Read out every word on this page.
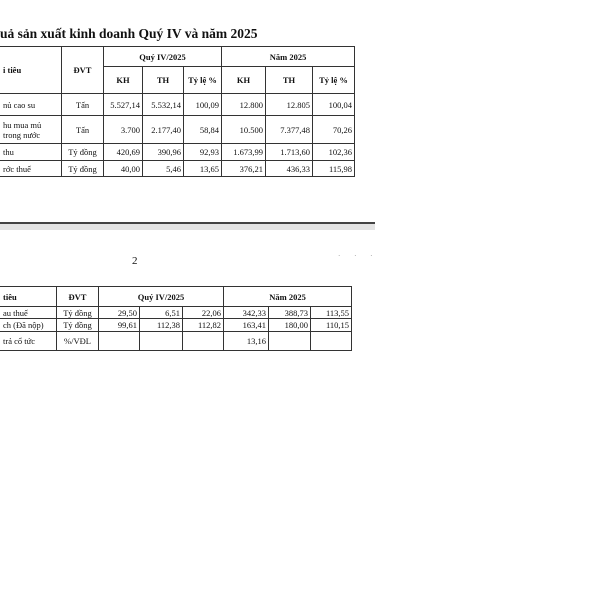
uả sản xuất kinh doanh Quý IV và năm 2025
i tiêu	ĐVT	Quý IV/2025			Năm 2025		
		KH	TH	Tỷ lệ %	KH	TH	Tỷ lệ %
nủ cao su	Tấn	5.527,14	5.532,14	100,09	12.800	12.805	100,04
hu mua mủ trong nước	Tấn	3.700	2.177,40	58,84	10.500	7.377,48	70,26
thu	Tỷ đồng	420,69	390,96	92,93	1.673,99	1.713,60	102,36
rớc thuế	Tỷ đồng	40,00	5,46	13,65	376,21	436,33	115,98
2	· · ·
tiêu	ĐVT	Quý IV/2025			Năm 2025		
au thuế	Tỷ đồng	29,50	6,51	22,06	342,33	388,73	113,55
ch (Đã nộp)	Tỷ đồng	99,61	112,38	112,82	163,41	180,00	110,15
trả cổ tức	%/VĐL				13,16		
